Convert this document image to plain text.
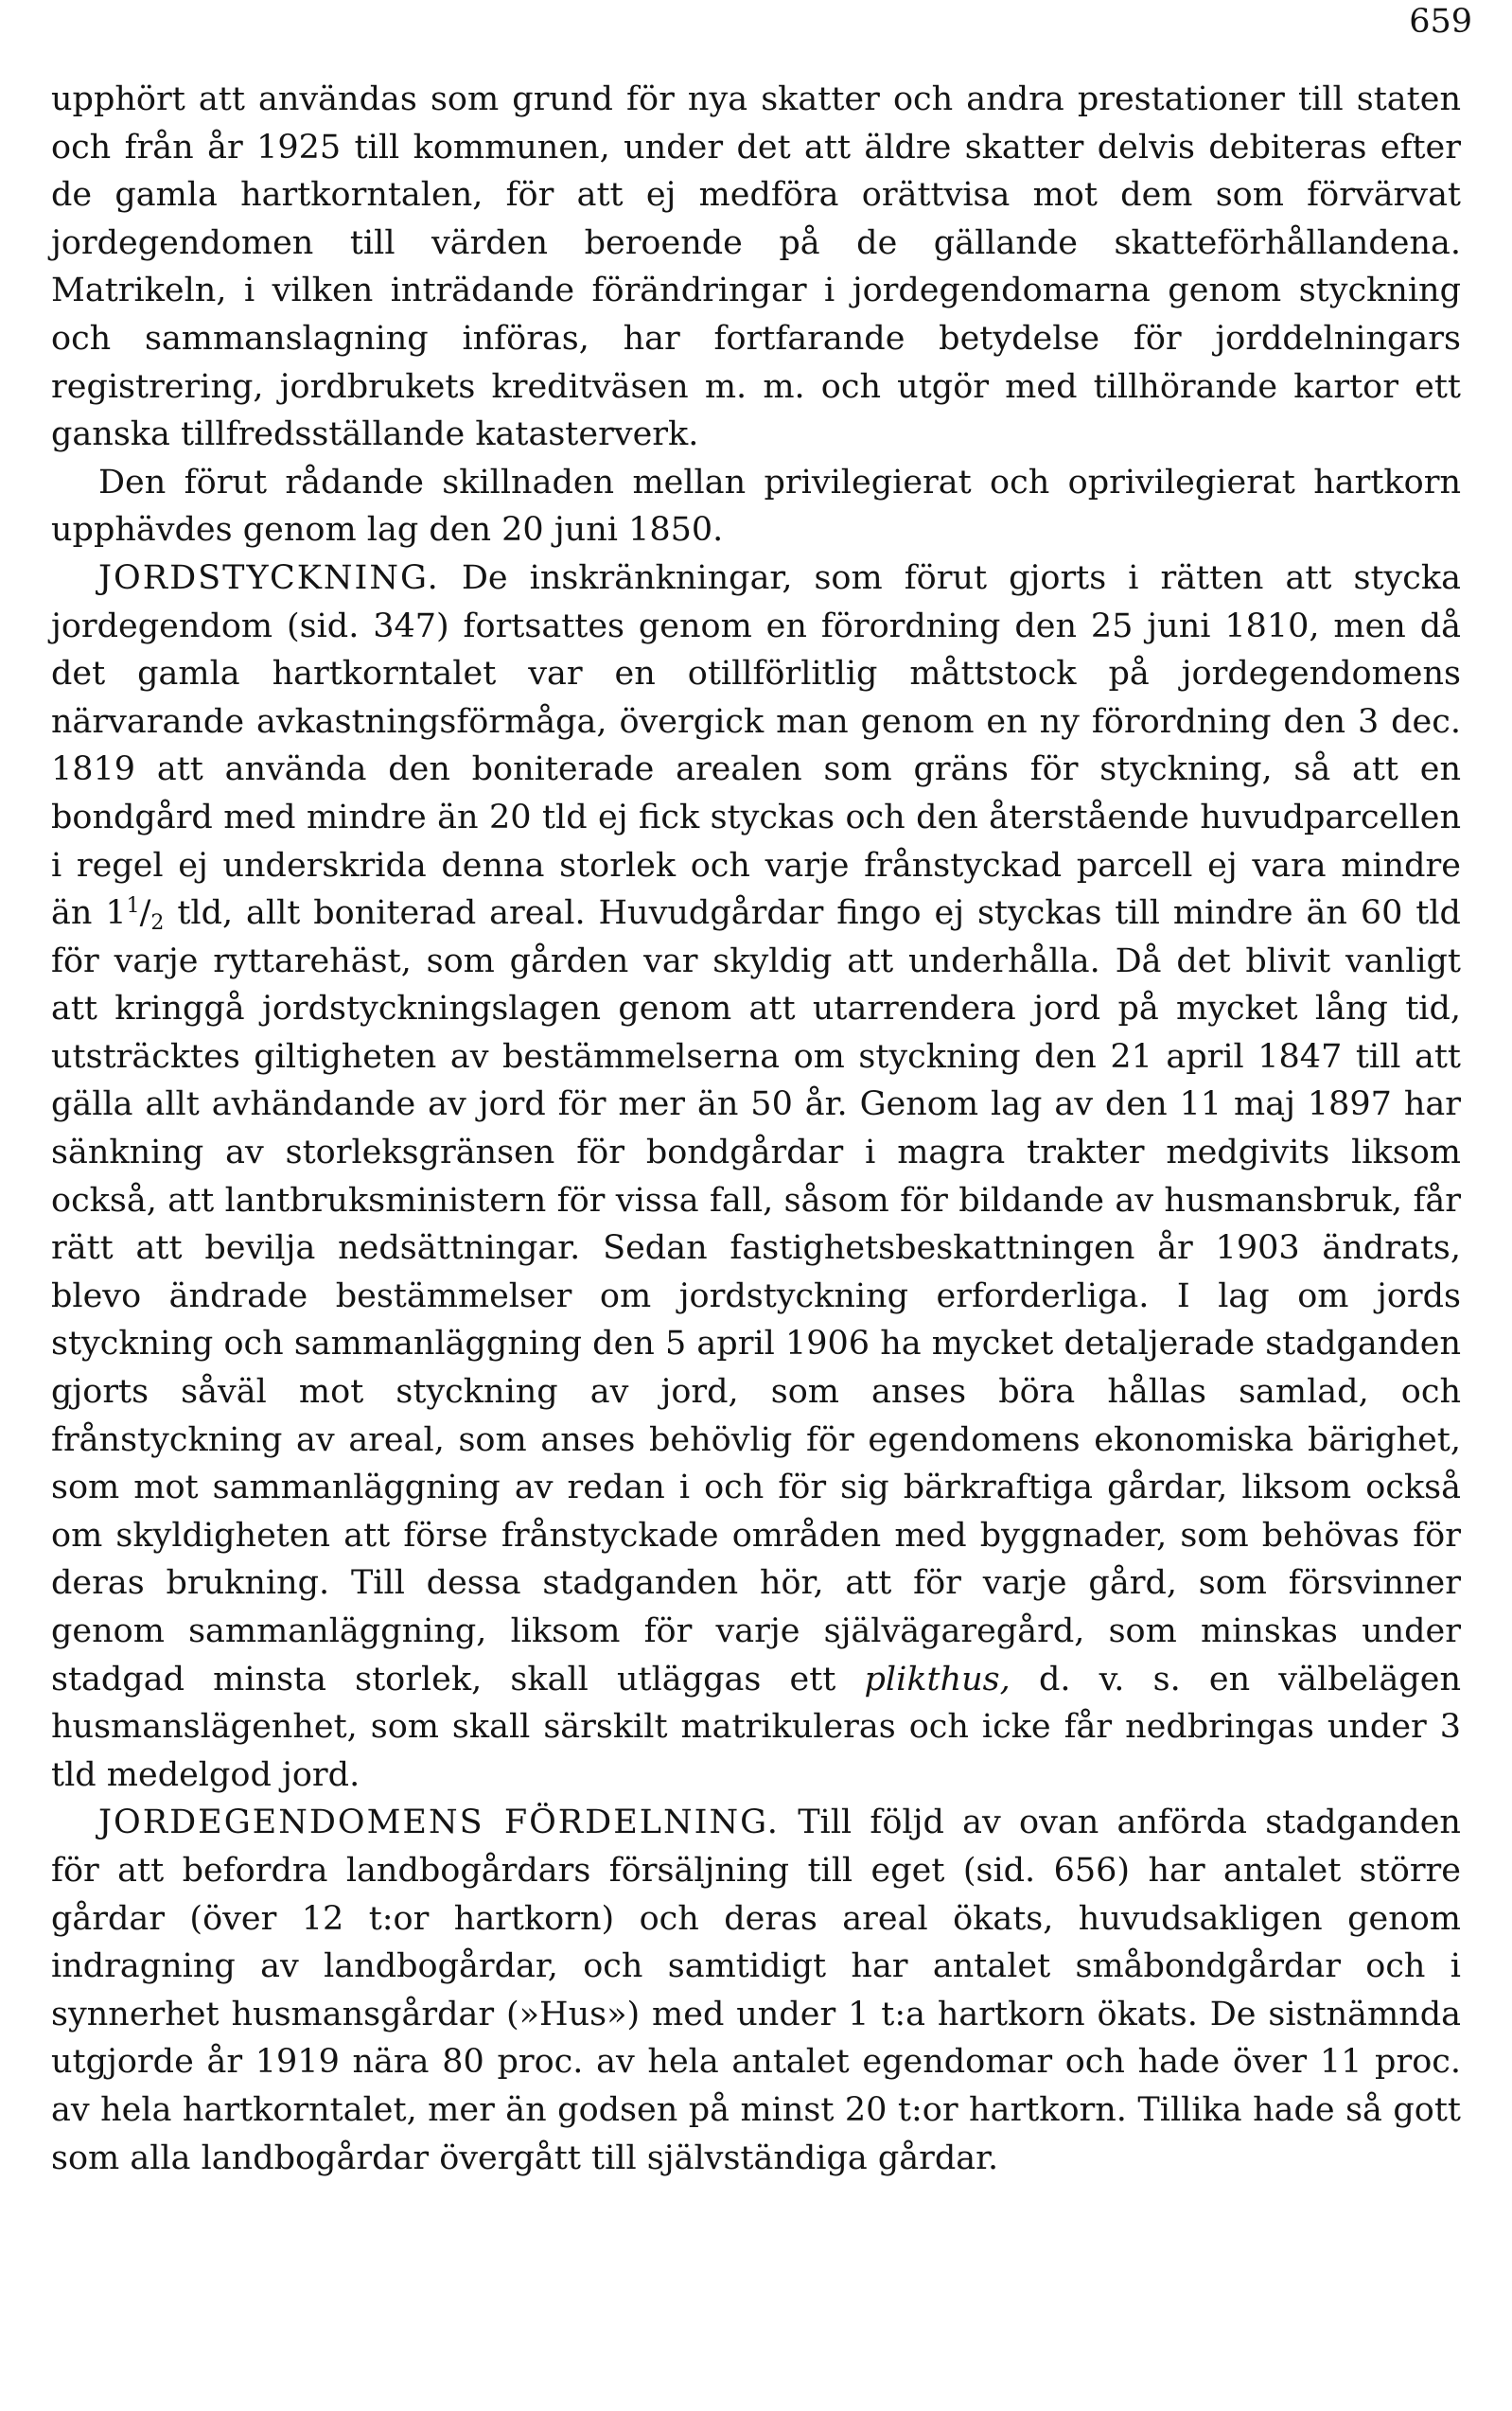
659

upphört att användas som grund för nya skatter och andra prestationer till staten och från år 1925 till kommunen, under det att äldre skatter delvis debiteras efter de gamla hartkorntalen, för att ej medföra orättvisa mot dem som förvärvat jordegendomen till värden beroende på de gällande skatteförhållandena. Matrikeln, i vilken inträdande förändringar i jordegendomarna genom styckning och sammanslagning införas, har fortfarande betydelse för jorddelningars registrering, jordbrukets kreditväsen m. m. och utgör med tillhörande kartor ett ganska tillfredsställande katasterverk.

Den förut rådande skillnaden mellan privilegierat och oprivilegierat hartkorn upphävdes genom lag den 20 juni 1850.

JORDSTYCKNING. De inskränkningar, som förut gjorts i rätten att stycka jordegendom (sid. 347) fortsattes genom en förordning den 25 juni 1810, men då det gamla hartkorntalet var en otillförlitlig måttstock på jordegendomens närvarande avkastningsförmåga, övergick man genom en ny förordning den 3 dec. 1819 att använda den boniterade arealen som gräns för styckning, så att en bondgård med mindre än 20 tld ej fick styckas och den återstående huvudparcellen i regel ej underskrida denna storlek och varje frånstyckad parcell ej vara mindre än $1^1/_2$ tld, allt boniterad areal. Huvudgårdar fingo ej styckas till mindre än 60 tld för varje ryttarehäst, som gården var skyldig att underhålla. Då det blivit vanligt att kringgå jordstyckningslagen genom att utarrendera jord på mycket lång tid, utsträcktes giltigheten av bestämmelserna om styckning den 21 april 1847 till att gälla allt avhändande av jord för mer än 50 år. Genom lag av den 11 maj 1897 har sänkning av storleksgränsen för bondgårdar i magra trakter medgivits liksom också, att lantbruksministern för vissa fall, såsom för bildande av husmansbruk, får rätt att bevilja nedsättningar. Sedan fastighetsbeskattningen år 1903 ändrats, blevo ändrade bestämmelser om jordstyckning erforderliga. I lag om jords styckning och sammanläggning den 5 april 1906 ha mycket detaljerade stadganden gjorts såväl mot styckning av jord, som anses böra hållas samlad, och frånstyckning av areal, som anses behövlig för egendomens ekonomiska bärighet, som mot sammanläggning av redan i och för sig bärkraftiga gårdar, liksom också om skyldigheten att förse frånstyckade områden med byggnader, som behövas för deras brukning. Till dessa stadganden hör, att för varje gård, som försvinner genom sammanläggning, liksom för varje självägaregård, som minskas under stadgad minsta storlek, skall utläggas ett plikthus, d. v. s. en välbelägen husmanslägenhet, som skall särskilt matrikuleras och icke får nedbringas under 3 tld medelgod jord.

JORDEGENDOMENS FÖRDELNING. Till följd av ovan anförda stadganden för att befordra landbogårdars försäljning till eget (sid. 656) har antalet större gårdar (över 12 t:or hartkorn) och deras areal ökats, huvudsakligen genom indragning av landbogårdar, och samtidigt har antalet småbondgårdar och i synnerhet husmansgårdar (»Hus») med under 1 t:a hartkorn ökats. De sistnämnda utgjorde år 1919 nära 80 proc. av hela antalet egendomar och hade över 11 proc. av hela hartkorntalet, mer än godsen på minst 20 t:or hartkorn. Tillika hade så gott som alla landbogårdar övergått till självständiga gårdar.
